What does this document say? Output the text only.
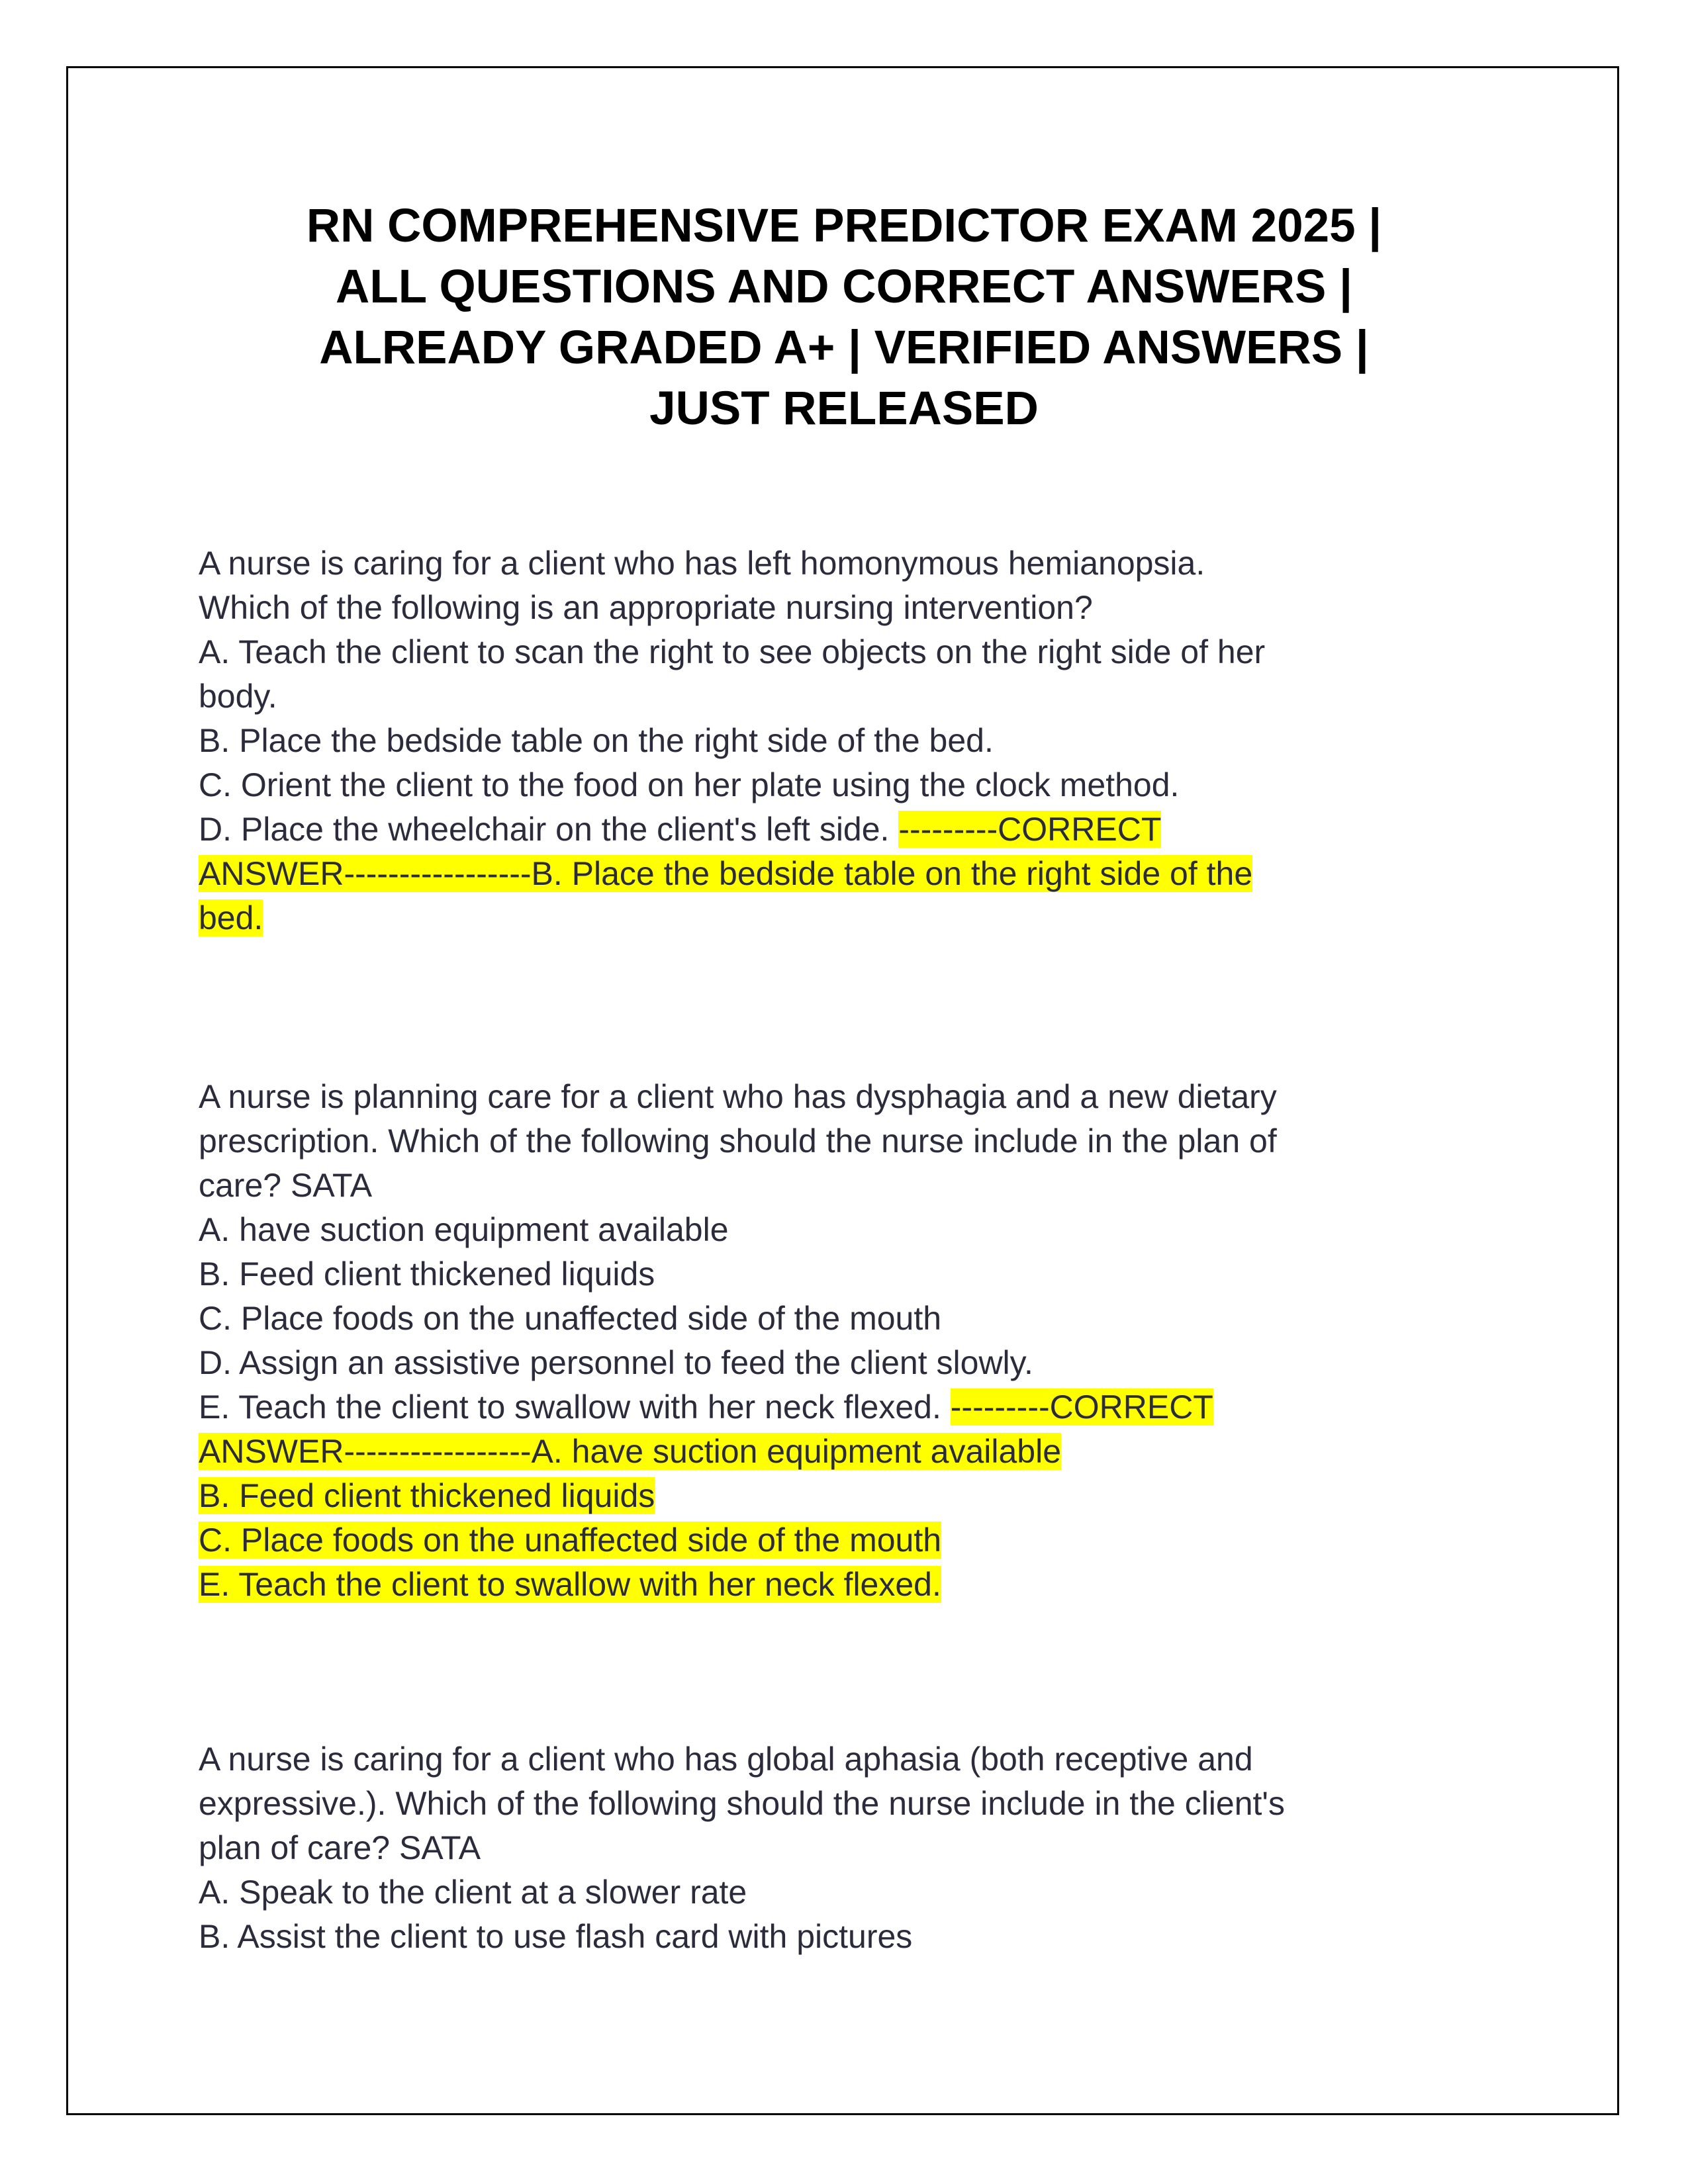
RN COMPREHENSIVE PREDICTOR EXAM 2025 |
ALL QUESTIONS AND CORRECT ANSWERS |
ALREADY GRADED A+ | VERIFIED ANSWERS |
JUST RELEASED
A nurse is caring for a client who has left homonymous hemianopsia.
Which of the following is an appropriate nursing intervention?
A. Teach the client to scan the right to see objects on the right side of her
body.
B. Place the bedside table on the right side of the bed.
C. Orient the client to the food on her plate using the clock method.
D. Place the wheelchair on the client's left side. ---------CORRECT
ANSWER-----------------B. Place the bedside table on the right side of the
bed.
A nurse is planning care for a client who has dysphagia and a new dietary
prescription. Which of the following should the nurse include in the plan of
care? SATA
A. have suction equipment available
B. Feed client thickened liquids
C. Place foods on the unaffected side of the mouth
D. Assign an assistive personnel to feed the client slowly.
E. Teach the client to swallow with her neck flexed. ---------CORRECT
ANSWER-----------------A. have suction equipment available
B. Feed client thickened liquids
C. Place foods on the unaffected side of the mouth
E. Teach the client to swallow with her neck flexed.
A nurse is caring for a client who has global aphasia (both receptive and
expressive.). Which of the following should the nurse include in the client's
plan of care? SATA
A. Speak to the client at a slower rate
B. Assist the client to use flash card with pictures
